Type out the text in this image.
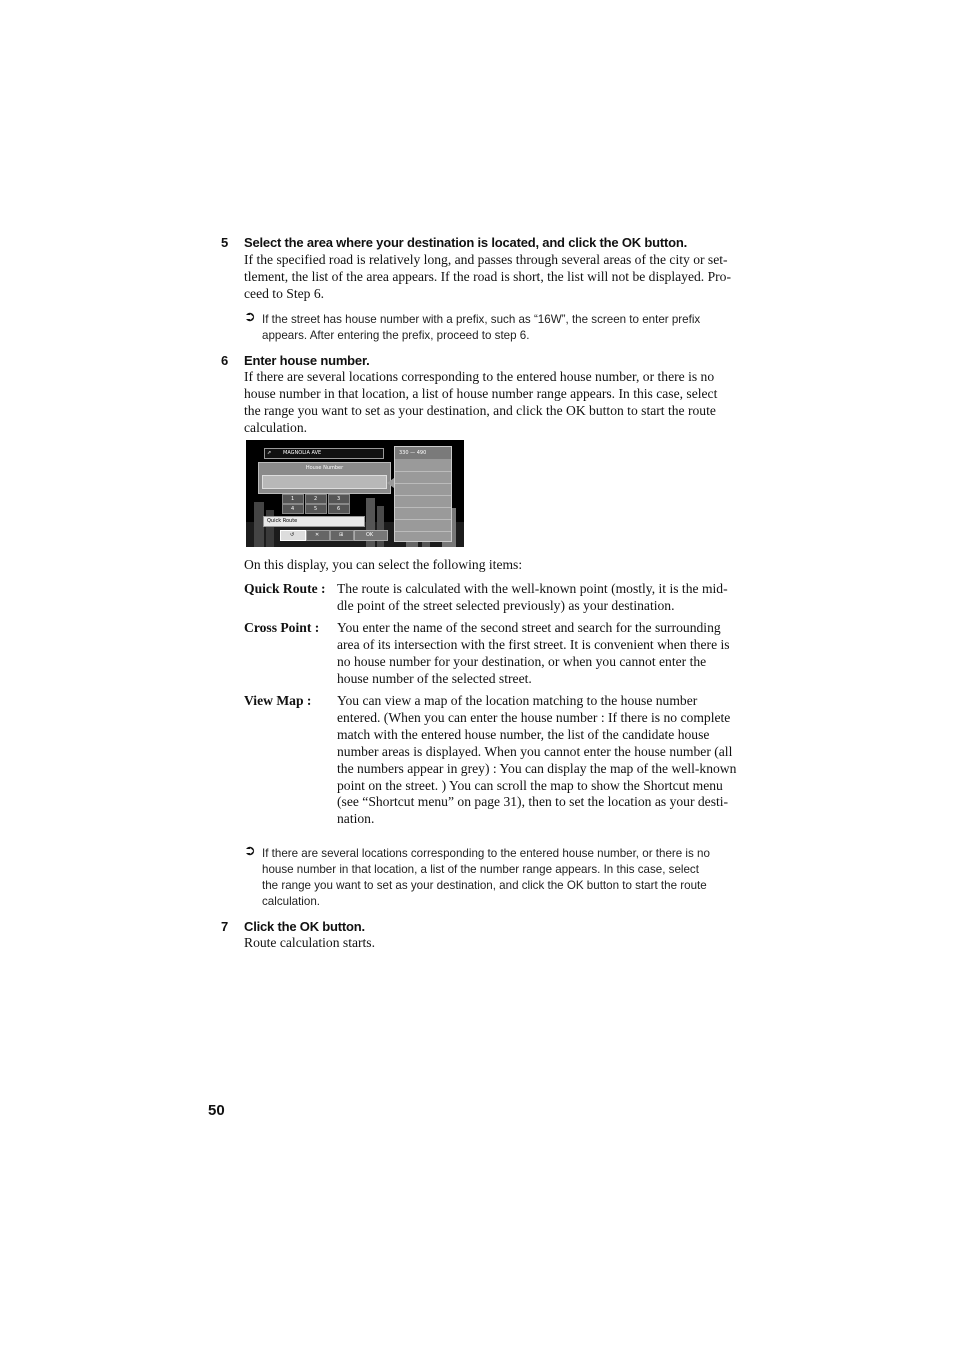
5 Select the area where your destination is located, and click the OK button.
If the specified road is relatively long, and passes through several areas of the city or set-
tlement, the list of the area appears. If the road is short, the list will not be displayed. Pro-
ceed to Step 6.
➲ If the street has house number with a prefix, such as “16W”, the screen to enter prefix
appears. After entering the prefix, proceed to step 6.
6 Enter house number.
If there are several locations corresponding to the entered house number, or there is no
house number in that location, a list of house number range appears. In this case, select
the range you want to set as your destination, and click the OK button to start the route
calculation.
⇗ MAGNOLIA AVE
House Number
1	2	3
4	5	6
Quick Route
↺	✕	⊞	OK
330 — 490
On this display, you can select the following items:
Quick Route : The route is calculated with the well-known point (mostly, it is the mid-
dle point of the street selected previously) as your destination.
Cross Point : You enter the name of the second street and search for the surrounding
area of its intersection with the first street. It is convenient when there is
no house number for your destination, or when you cannot enter the
house number of the selected street.
View Map : You can view a map of the location matching to the house number
entered. (When you can enter the house number : If there is no complete
match with the entered house number, the list of the candidate house
number areas is displayed. When you cannot enter the house number (all
the numbers appear in grey) : You can display the map of the well-known
point on the street. ) You can scroll the map to show the Shortcut menu
(see “Shortcut menu” on page 31), then to set the location as your desti-
nation.
➲ If there are several locations corresponding to the entered house number, or there is no
house number in that location, a list of the number range appears. In this case, select
the range you want to set as your destination, and click the OK button to start the route
calculation.
7 Click the OK button.
Route calculation starts.
50
